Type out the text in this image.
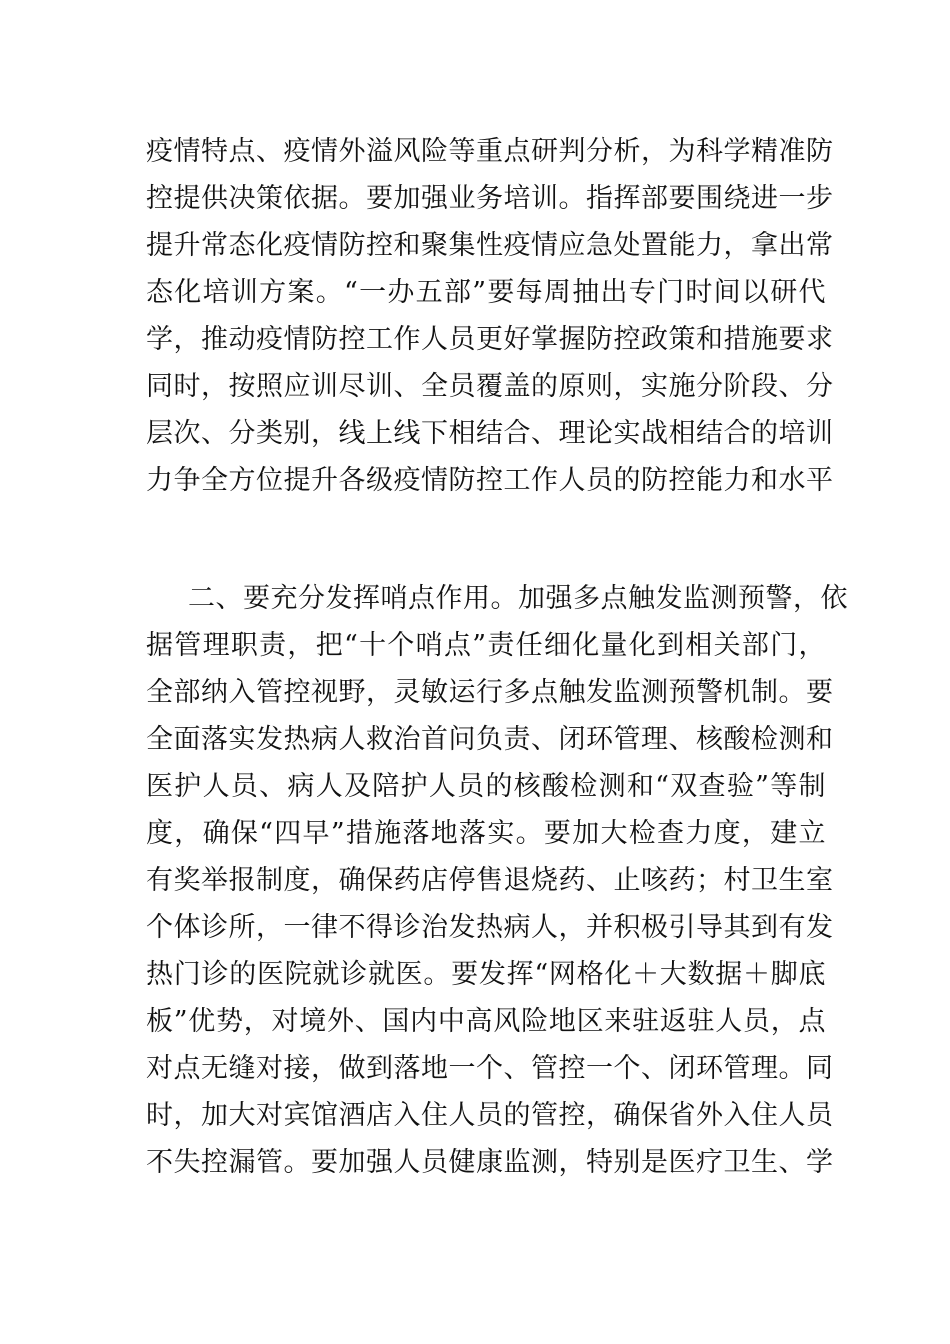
疫情特点、疫情外溢风险等重点研判分析，为科学精准防
控提供决策依据。要加强业务培训。指挥部要围绕进一步
提升常态化疫情防控和聚集性疫情应急处置能力，拿出常
态化培训方案。“一办五部”要每周抽出专门时间以研代
学，推动疫情防控工作人员更好掌握防控政策和措施要求
同时，按照应训尽训、全员覆盖的原则，实施分阶段、分
层次、分类别，线上线下相结合、理论实战相结合的培训
力争全方位提升各级疫情防控工作人员的防控能力和水平
二、要充分发挥哨点作用。加强多点触发监测预警，依
据管理职责，把“十个哨点”责任细化量化到相关部门，
全部纳入管控视野，灵敏运行多点触发监测预警机制。要
全面落实发热病人救治首问负责、闭环管理、核酸检测和
医护人员、病人及陪护人员的核酸检测和“双查验”等制
度，确保“四早”措施落地落实。要加大检查力度，建立
有奖举报制度，确保药店停售退烧药、止咳药；村卫生室
个体诊所，一律不得诊治发热病人，并积极引导其到有发
热门诊的医院就诊就医。要发挥“网格化＋大数据＋脚底
板”优势，对境外、国内中高风险地区来驻返驻人员，点
对点无缝对接，做到落地一个、管控一个、闭环管理。同
时，加大对宾馆酒店入住人员的管控，确保省外入住人员
不失控漏管。要加强人员健康监测，特别是医疗卫生、学
